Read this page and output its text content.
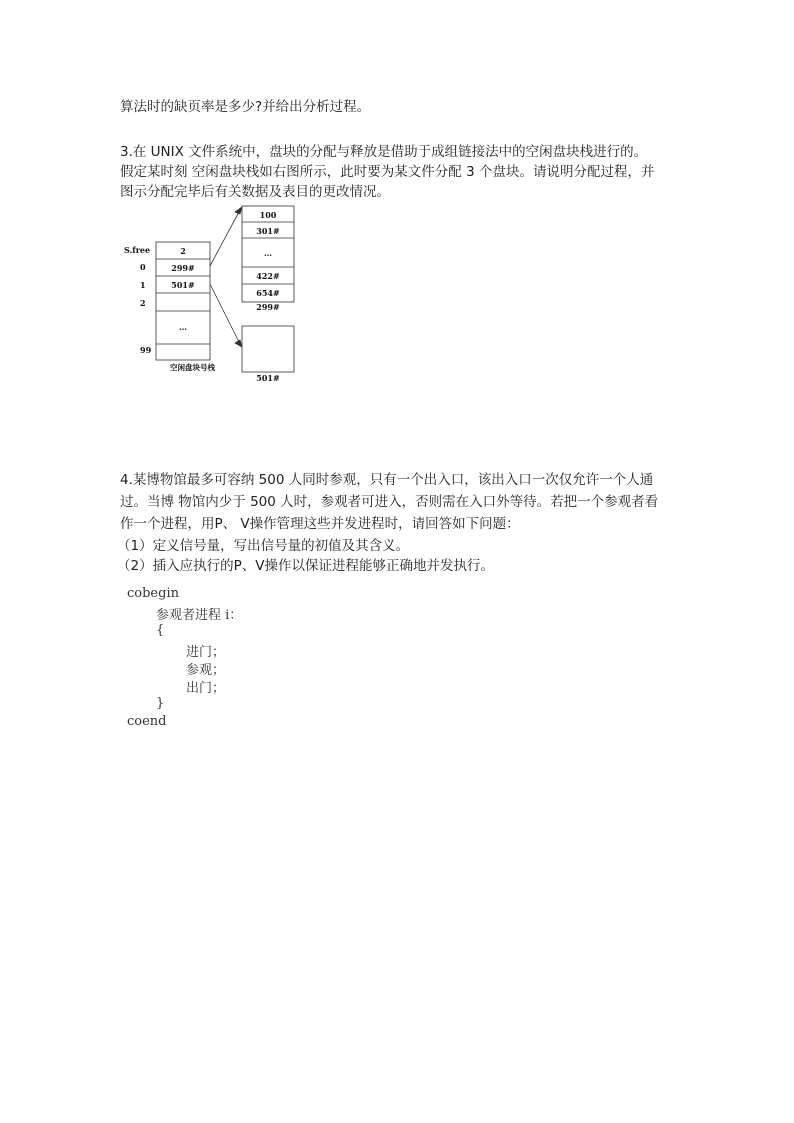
算法时的缺页率是多少?并给出分析过程。
3.在 UNIX 文件系统中，盘块的分配与释放是借助于成组链接法中的空闲盘块栈进行的。
假定某时刻 空闲盘块栈如右图所示，此时要为某文件分配 3 个盘块。请说明分配过程，并
图示分配完毕后有关数据及表目的更改情况。
S.free
0
1
2
99
2
299#
501#
…
空闲盘块号栈
100
301#
…
422#
654#
299#
501#
4.某博物馆最多可容纳 500 人同时参观，只有一个出入口，该出入口一次仅允许一个人通
过。当博 物馆内少于 500 人时，参观者可进入，否则需在入口外等待。若把一个参观者看
作一个进程，用P、 V操作管理这些并发进程时，请回答如下问题：
（1）定义信号量，写出信号量的初值及其含义。
（2）插入应执行的P、V操作以保证进程能够正确地并发执行。
cobegin
参观者进程 i：
{
进门；
参观；
出门；
}
coend
